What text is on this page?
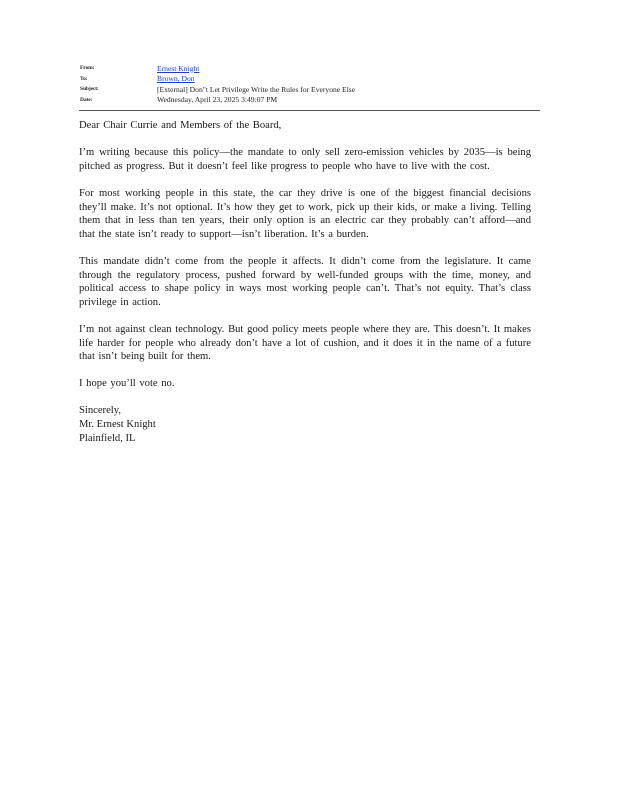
From:	Ernest Knight
To:	Brown, Don
Subject:	[External] Don"t Let Privilege Write the Rules for Everyone Else
Date:	Wednesday, April 23, 2025 3:49:07 PM

Dear Chair Currie and Members of the Board,

I’m writing because this policy—the mandate to only sell zero-emission vehicles by 2035—is being pitched as progress. But it doesn’t feel like progress to people who have to live with the cost.

For most working people in this state, the car they drive is one of the biggest financial decisions they’ll make. It’s not optional. It’s how they get to work, pick up their kids, or make a living. Telling them that in less than ten years, their only option is an electric car they probably can’t afford—and that the state isn’t ready to support—isn’t liberation. It’s a burden.

This mandate didn’t come from the people it affects. It didn’t come from the legislature. It came through the regulatory process, pushed forward by well-funded groups with the time, money, and political access to shape policy in ways most working people can’t. That’s not equity. That’s class privilege in action.

I’m not against clean technology. But good policy meets people where they are. This doesn’t. It makes life harder for people who already don’t have a lot of cushion, and it does it in the name of a future that isn’t being built for them.

I hope you’ll vote no.

Sincerely,

Mr. Ernest Knight

Plainfield, IL
